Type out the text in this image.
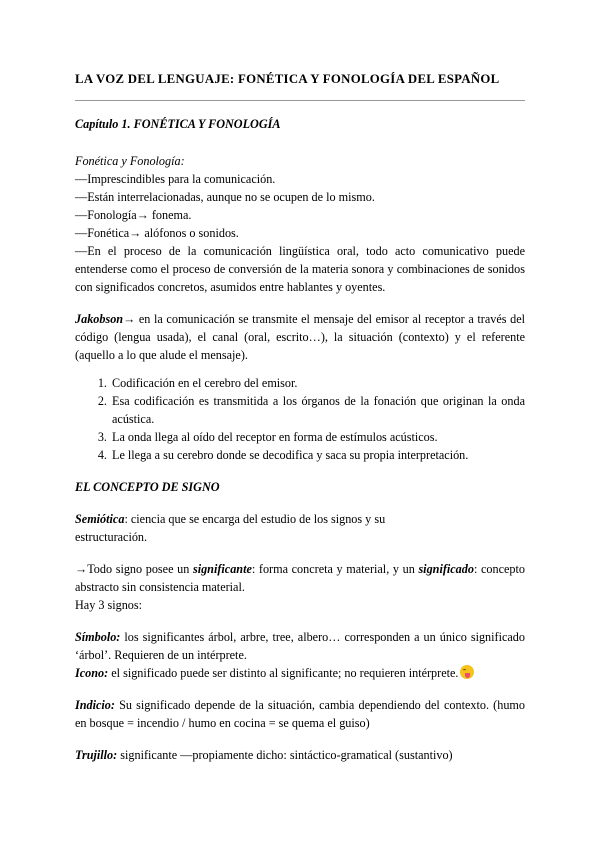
LA VOZ DEL LENGUAJE: FONÉTICA Y FONOLOGÍA DEL ESPAÑOL

Capítulo 1. FONÉTICA Y FONOLOGÍA

Fonética y Fonología:

—Imprescindibles para la comunicación.

—Están interrelacionadas, aunque no se ocupen de lo mismo.

—Fonología→ fonema.

—Fonética→ alófonos o sonidos.

—En el proceso de la comunicación lingüística oral, todo acto comunicativo puede entenderse como el proceso de conversión de la materia sonora y combinaciones de sonidos con significados concretos, asumidos entre hablantes y oyentes.

Jakobson→ en la comunicación se transmite el mensaje del emisor al receptor a través del código (lengua usada), el canal (oral, escrito…), la situación (contexto) y el referente (aquello a lo que alude el mensaje).

1. Codificación en el cerebro del emisor.
2. Esa codificación es transmitida a los órganos de la fonación que originan la onda acústica.
3. La onda llega al oído del receptor en forma de estímulos acústicos.
4. Le llega a su cerebro donde se decodifica y saca su propia interpretación.

EL CONCEPTO DE SIGNO

Semiótica: ciencia que se encarga del estudio de los signos y su estructuración.

→Todo signo posee un significante: forma concreta y material, y un significado: concepto abstracto sin consistencia material.

Hay 3 signos:

Símbolo: los significantes árbol, arbre, tree, albero… corresponden a un único significado ‘árbol’. Requieren de un intérprete.

Icono: el significado puede ser distinto al significante; no requieren intérprete.

Indicio: Su significado depende de la situación, cambia dependiendo del contexto. (humo en bosque = incendio / humo en cocina = se quema el guiso)

Trujillo: significante —propiamente dicho: sintáctico-gramatical (sustantivo)
